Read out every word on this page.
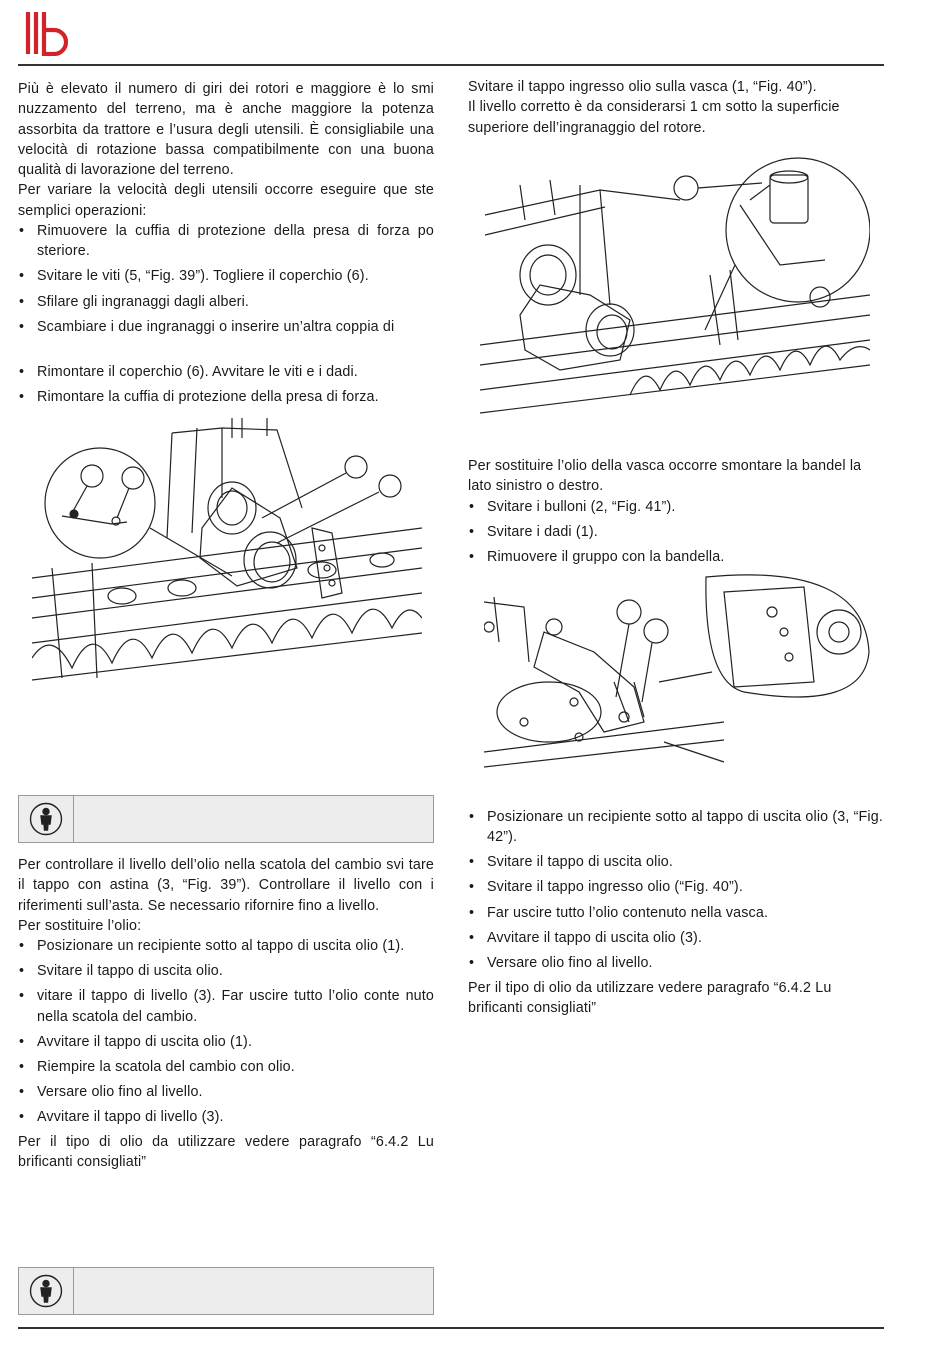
Più è elevato il numero di giri dei rotori e maggiore è lo smi nuzzamento del terreno, ma è anche maggiore la potenza assorbita da trattore e l’usura degli utensili. È consigliabile una velocità di rotazione bassa compatibilmente con una buona qualità di lavorazione del terreno.

Per variare la velocità degli utensili occorre eseguire que ste semplici operazioni:

• Rimuovere la cuffia di protezione della presa di forza po steriore.
• Svitare le viti (5, “Fig. 39”). Togliere il coperchio (6).
• Sfilare gli ingranaggi dagli alberi.
• Scambiare i due ingranaggi o inserire un’altra coppia di
• Rimontare il coperchio (6). Avvitare le viti e i dadi.
• Rimontare la cuffia di protezione della presa di forza.

Per controllare il livello dell’olio nella scatola del cambio svi tare il tappo con astina (3, “Fig. 39”). Controllare il livello con i riferimenti sull’asta. Se necessario rifornire fino a livello.

Per sostituire l’olio:

• Posizionare un recipiente sotto al tappo di uscita olio (1).
• Svitare il tappo di uscita olio.
• vitare il tappo di livello (3). Far uscire tutto l’olio conte nuto nella scatola del cambio.
• Avvitare il tappo di uscita olio (1).
• Riempire la scatola del cambio con olio.
• Versare olio fino al livello.
• Avvitare il tappo di livello (3).

Per il tipo di olio da utilizzare vedere paragrafo “6.4.2 Lu brificanti consigliati”

Svitare il tappo ingresso olio sulla vasca (1, “Fig. 40”).

Il livello corretto è da considerarsi 1 cm sotto la superficie superiore dell’ingranaggio del rotore.

Per sostituire l’olio della vasca occorre smontare la bandel la lato sinistro o destro.

• Svitare i bulloni (2, “Fig. 41”).
• Svitare i dadi (1).
• Rimuovere il gruppo con la bandella.
• Posizionare un recipiente sotto al tappo di uscita olio (3, “Fig. 42”).
• Svitare il tappo di uscita olio.
• Svitare il tappo ingresso olio (“Fig. 40”).
• Far uscire tutto l’olio contenuto nella vasca.
• Avvitare il tappo di uscita olio (3).
• Versare olio fino al livello.

Per il tipo di olio da utilizzare vedere paragrafo “6.4.2 Lu brificanti consigliati”
